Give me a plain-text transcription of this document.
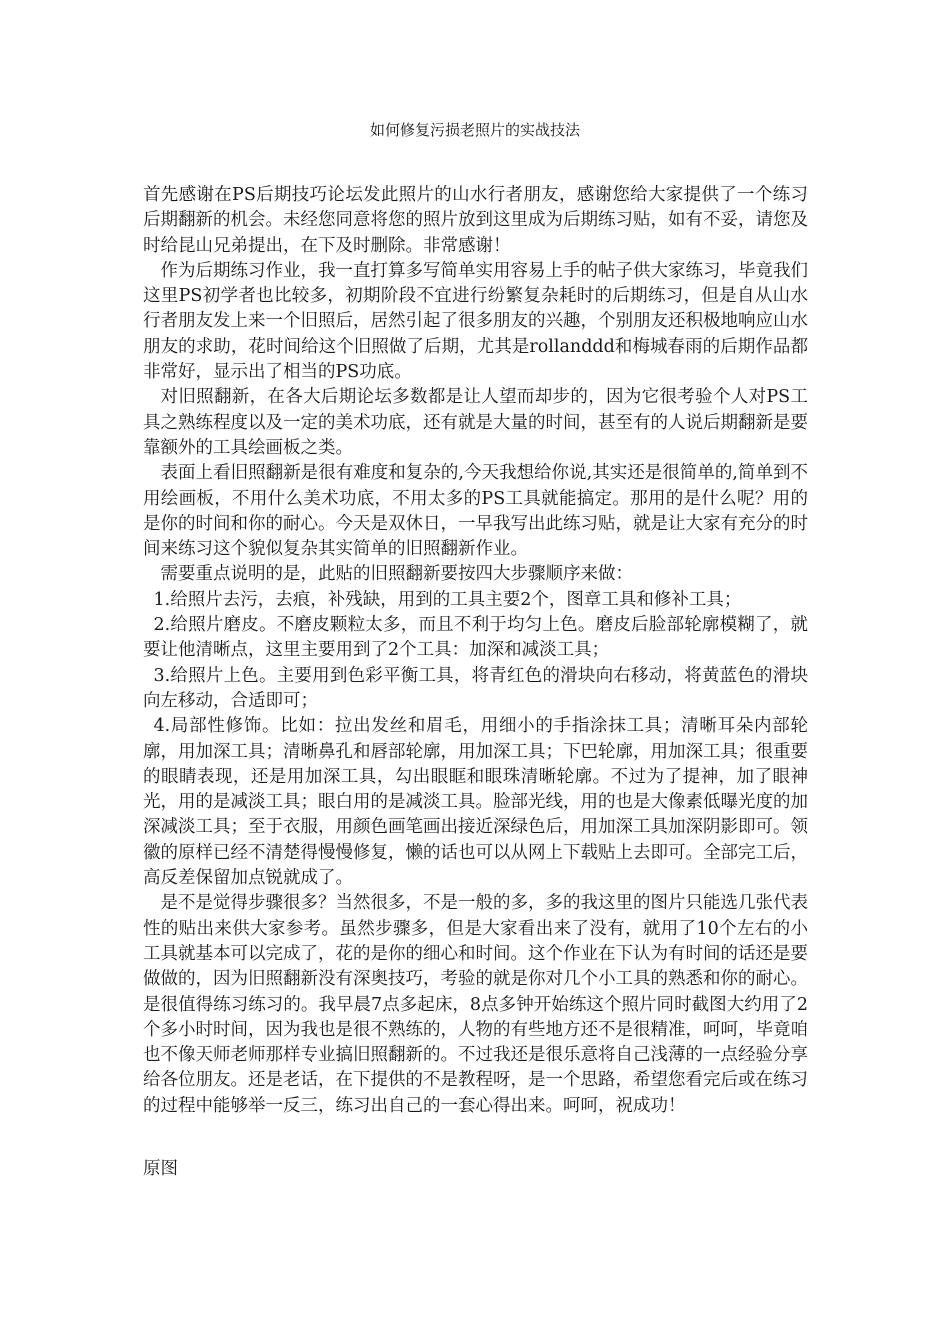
如何修复污损老照片的实战技法

首先感谢在PS后期技巧论坛发此照片的山水行者朋友，感谢您给大家提供了一个练习后期翻新的机会。未经您同意将您的照片放到这里成为后期练习贴，如有不妥，请您及时给昆山兄弟提出，在下及时删除。非常感谢！

作为后期练习作业，我一直打算多写简单实用容易上手的帖子供大家练习，毕竟我们这里PS初学者也比较多，初期阶段不宜进行纷繁复杂耗时的后期练习，但是自从山水行者朋友发上来一个旧照后，居然引起了很多朋友的兴趣，个别朋友还积极地响应山水朋友的求助，花时间给这个旧照做了后期，尤其是rollanddd和梅城春雨的后期作品都非常好，显示出了相当的PS功底。

对旧照翻新，在各大后期论坛多数都是让人望而却步的，因为它很考验个人对PS工具之熟练程度以及一定的美术功底，还有就是大量的时间，甚至有的人说后期翻新是要靠额外的工具绘画板之类。

表面上看旧照翻新是很有难度和复杂的,今天我想给你说,其实还是很简单的,简单到不用绘画板，不用什么美术功底，不用太多的PS工具就能搞定。那用的是什么呢？用的是你的时间和你的耐心。今天是双休日，一早我写出此练习贴，就是让大家有充分的时间来练习这个貌似复杂其实简单的旧照翻新作业。

需要重点说明的是，此贴的旧照翻新要按四大步骤顺序来做：

1.给照片去污，去痕，补残缺，用到的工具主要2个，图章工具和修补工具；

2.给照片磨皮。不磨皮颗粒太多，而且不利于均匀上色。磨皮后脸部轮廓模糊了，就要让他清晰点，这里主要用到了2个工具：加深和减淡工具；

3.给照片上色。主要用到色彩平衡工具，将青红色的滑块向右移动，将黄蓝色的滑块向左移动，合适即可；

4.局部性修饰。比如：拉出发丝和眉毛，用细小的手指涂抹工具；清晰耳朵内部轮廓，用加深工具；清晰鼻孔和唇部轮廓，用加深工具；下巴轮廓，用加深工具；很重要的眼睛表现，还是用加深工具，勾出眼眶和眼珠清晰轮廓。不过为了提神，加了眼神光，用的是减淡工具；眼白用的是减淡工具。脸部光线，用的也是大像素低曝光度的加深减淡工具；至于衣服，用颜色画笔画出接近深绿色后，用加深工具加深阴影即可。领徽的原样已经不清楚得慢慢修复，懒的话也可以从网上下载贴上去即可。全部完工后，高反差保留加点锐就成了。

是不是觉得步骤很多？当然很多，不是一般的多，多的我这里的图片只能选几张代表性的贴出来供大家参考。虽然步骤多，但是大家看出来了没有，就用了10个左右的小工具就基本可以完成了，花的是你的细心和时间。这个作业在下认为有时间的话还是要做做的，因为旧照翻新没有深奥技巧，考验的就是你对几个小工具的熟悉和你的耐心。是很值得练习练习的。我早晨7点多起床，8点多钟开始练这个照片同时截图大约用了2个多小时时间，因为我也是很不熟练的，人物的有些地方还不是很精准，呵呵，毕竟咱也不像天师老师那样专业搞旧照翻新的。不过我还是很乐意将自己浅薄的一点经验分享给各位朋友。还是老话，在下提供的不是教程呀，是一个思路，希望您看完后或在练习的过程中能够举一反三，练习出自己的一套心得出来。呵呵，祝成功！

原图
